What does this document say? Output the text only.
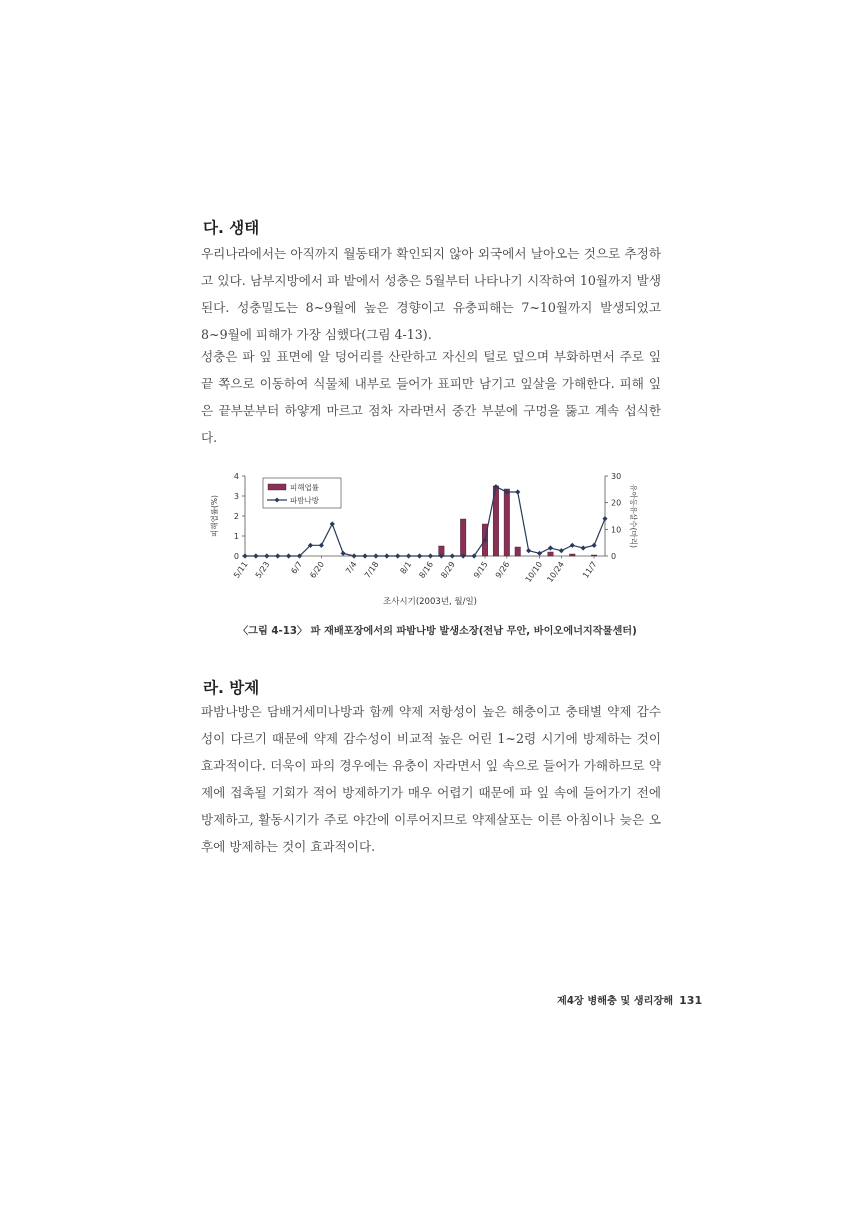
다. 생태

우리나라에서는 아직까지 월동태가 확인되지 않아 외국에서 날아오는 것으로 추정하고 있다. 남부지방에서 파 밭에서 성충은 5월부터 나타나기 시작하여 10월까지 발생된다. 성충밀도는 8~9월에 높은 경향이고 유충피해는 7~10월까지 발생되었고 8~9월에 피해가 가장 심했다(그림 4-13).

성충은 파 잎 표면에 알 덩어리를 산란하고 자신의 털로 덮으며 부화하면서 주로 잎끝 쪽으로 이동하여 식물체 내부로 들어가 표피만 남기고 잎살을 가해한다. 피해 잎은 끝부분부터 하얗게 마르고 점차 자라면서 중간 부분에 구멍을 뚫고 계속 섭식한다.

0
1
2
3
4
0
10
20
30
피해엽률(%)	유아등유살수(마리)
5/11 5/23 6/7 6/20 7/4 7/18 8/1 8/16 8/29 9/15 9/26 10/10 10/24 11/7
조사시기(2003년, 월/일)
피해엽률
파밤나방
〈그림 4-13〉 파 재배포장에서의 파밤나방 발생소장(전남 무안, 바이오에너지작물센터)
라. 방제

파밤나방은 담배거세미나방과 함께 약제 저항성이 높은 해충이고 충태별 약제 감수성이 다르기 때문에 약제 감수성이 비교적 높은 어린 1~2령 시기에 방제하는 것이 효과적이다. 더욱이 파의 경우에는 유충이 자라면서 잎 속으로 들어가 가해하므로 약제에 접촉될 기회가 적어 방제하기가 매우 어렵기 때문에 파 잎 속에 들어가기 전에 방제하고, 활동시기가 주로 야간에 이루어지므로 약제살포는 이른 아침이나 늦은 오후에 방제하는 것이 효과적이다.

제4장 병해충 및 생리장해 131
